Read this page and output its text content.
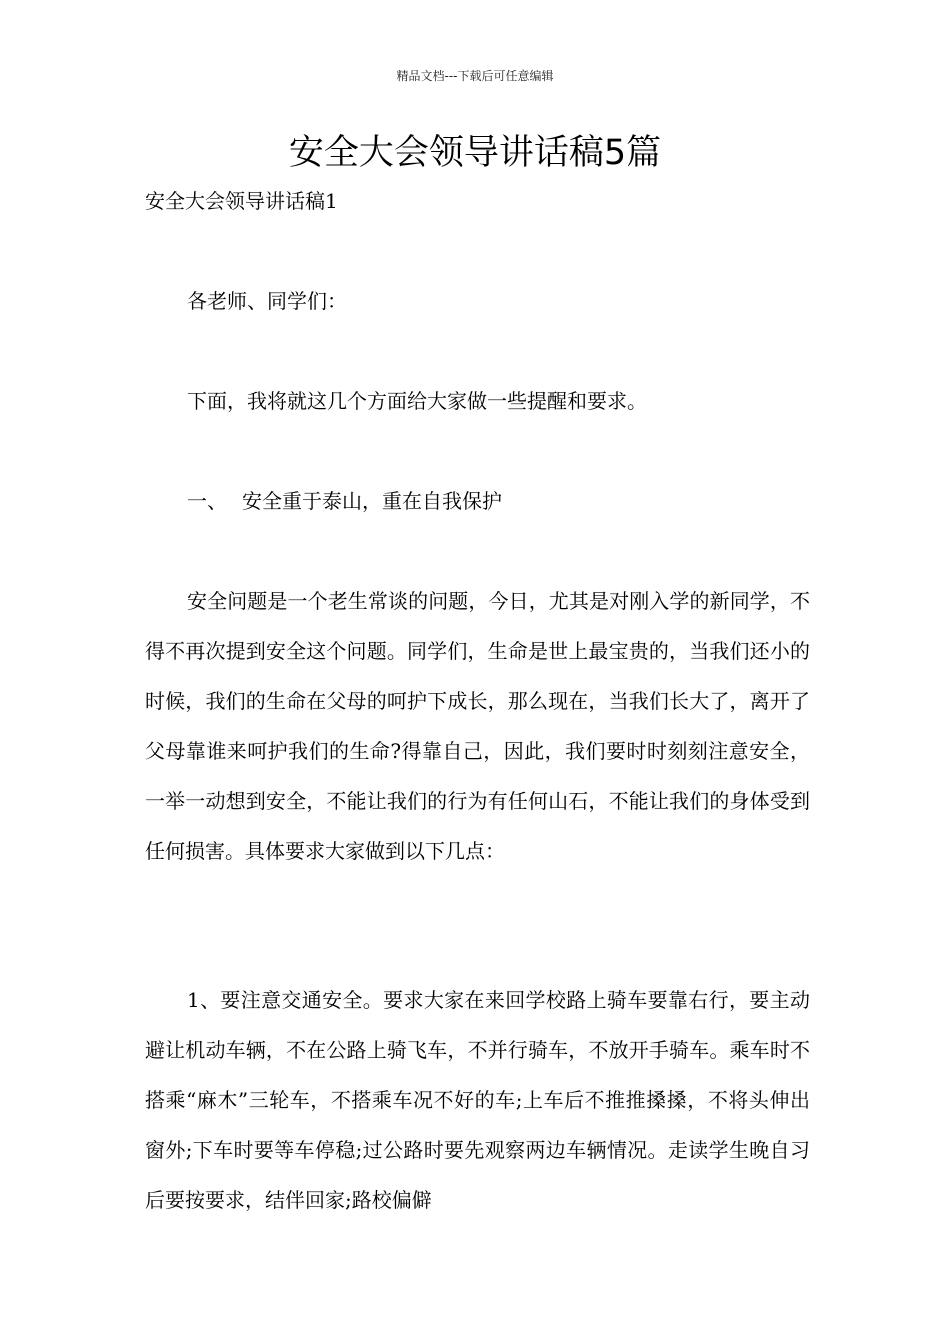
精品文档---下载后可任意编辑
安全大会领导讲话稿5篇
安全大会领导讲话稿1

各老师、同学们：

下面，我将就这几个方面给大家做一些提醒和要求。

一、 安全重于泰山，重在自我保护

安全问题是一个老生常谈的问题，今日，尤其是对刚入学的新同学，不得不再次提到安全这个问题。同学们，生命是世上最宝贵的，当我们还小的时候，我们的生命在父母的呵护下成长，那么现在，当我们长大了，离开了父母靠谁来呵护我们的生命?得靠自己，因此，我们要时时刻刻注意安全，一举一动想到安全，不能让我们的行为有任何山石，不能让我们的身体受到任何损害。具体要求大家做到以下几点：

1、要注意交通安全。要求大家在来回学校路上骑车要靠右行，要主动避让机动车辆，不在公路上骑飞车，不并行骑车，不放开手骑车。乘车时不搭乘“麻木”三轮车，不搭乘车况不好的车;上车后不推推搡搡，不将头伸出窗外;下车时要等车停稳;过公路时要先观察两边车辆情况。走读学生晚自习后要按要求，结伴回家;路校偏僻
